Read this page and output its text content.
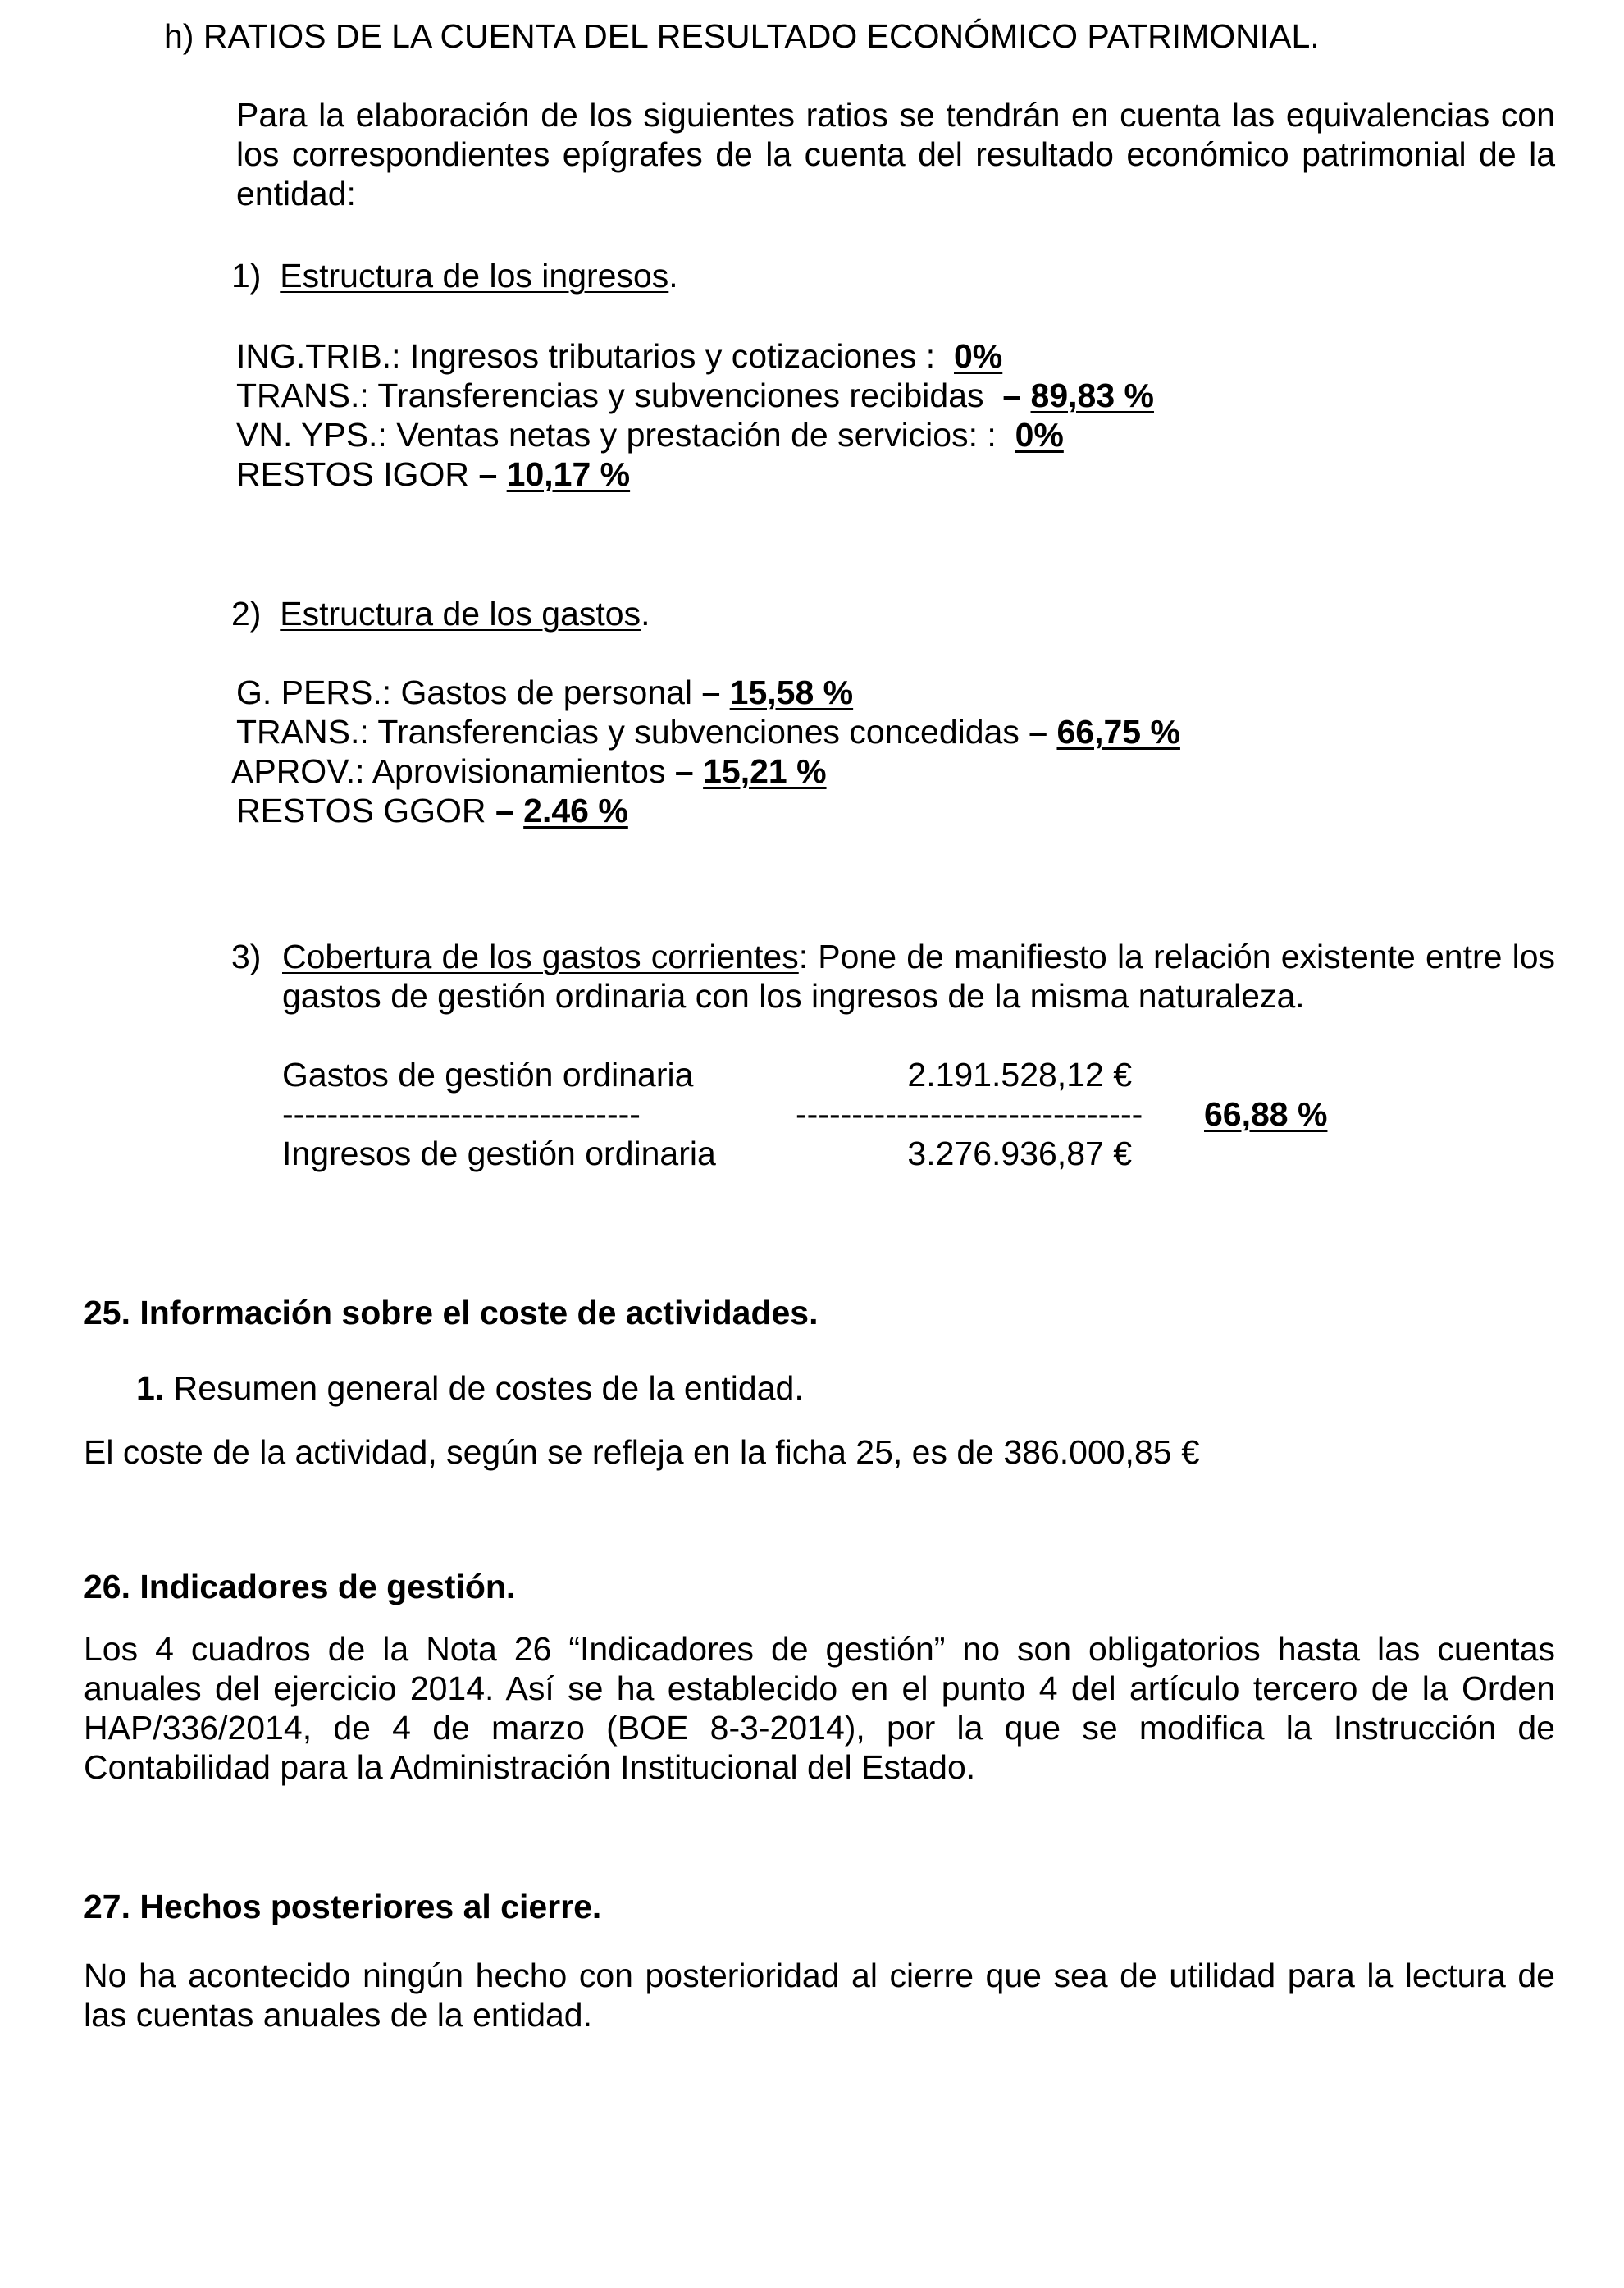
h) RATIOS DE LA CUENTA DEL RESULTADO ECONÓMICO PATRIMONIAL.
Para la elaboración de los siguientes ratios se tendrán en cuenta las equivalencias con los correspondientes epígrafes de la cuenta del resultado económico patrimonial de la entidad:
1) Estructura de los ingresos.
ING.TRIB.: Ingresos tributarios y cotizaciones : 0%
TRANS.: Transferencias y subvenciones recibidas – 89,83 %
VN. YPS.: Ventas netas y prestación de servicios: : 0%
RESTOS IGOR – 10,17 %
2) Estructura de los gastos.
G. PERS.: Gastos de personal – 15,58 %
TRANS.: Transferencias y subvenciones concedidas – 66,75 %
APROV.: Aprovisionamientos – 15,21 %
RESTOS GGOR – 2.46 %
3) Cobertura de los gastos corrientes: Pone de manifiesto la relación existente entre los gastos de gestión ordinaria con los ingresos de la misma naturaleza.
Gastos de gestión ordinaria	2.191.528,12 €
--------------------------------	------------------------------- 66,88 %
Ingresos de gestión ordinaria	3.276.936,87 €
25. Información sobre el coste de actividades.
1. Resumen general de costes de la entidad.
El coste de la actividad, según se refleja en la ficha 25, es de 386.000,85 €
26. Indicadores de gestión.
Los 4 cuadros de la Nota 26 “Indicadores de gestión” no son obligatorios hasta las cuentas anuales del ejercicio 2014. Así se ha establecido en el punto 4 del artículo tercero de la Orden HAP/336/2014, de 4 de marzo (BOE 8-3-2014), por la que se modifica la Instrucción de Contabilidad para la Administración Institucional del Estado.
27. Hechos posteriores al cierre.
No ha acontecido ningún hecho con posterioridad al cierre que sea de utilidad para la lectura de las cuentas anuales de la entidad.
